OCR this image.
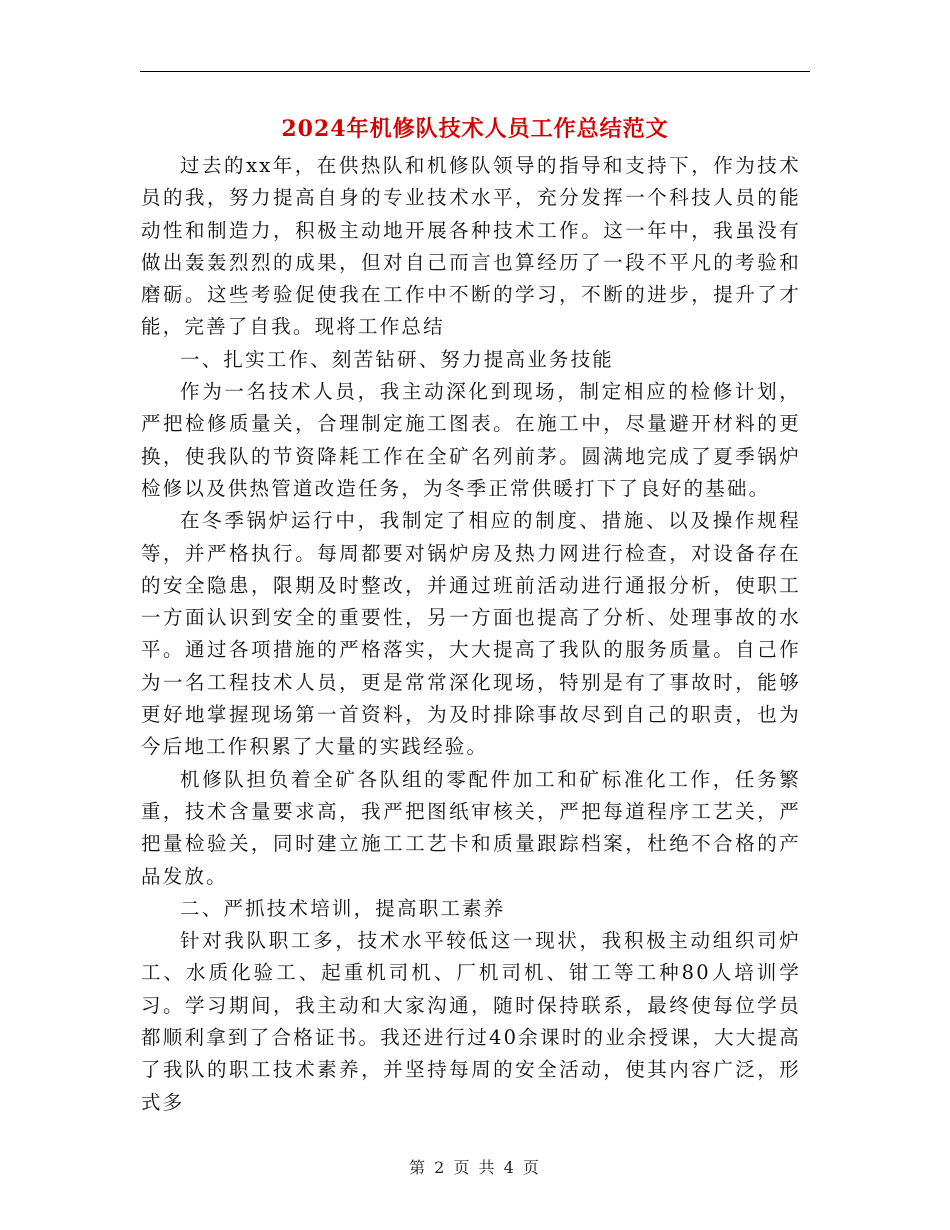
2024年机修队技术人员工作总结范文

过去的xx年，在供热队和机修队领导的指导和支持下，作为技术员的我，努力提高自身的专业技术水平，充分发挥一个科技人员的能动性和制造力，积极主动地开展各种技术工作。这一年中，我虽没有做出轰轰烈烈的成果，但对自己而言也算经历了一段不平凡的考验和磨砺。这些考验促使我在工作中不断的学习，不断的进步，提升了才能，完善了自我。现将工作总结

一、扎实工作、刻苦钻研、努力提高业务技能

作为一名技术人员，我主动深化到现场，制定相应的检修计划，严把检修质量关，合理制定施工图表。在施工中，尽量避开材料的更换，使我队的节资降耗工作在全矿名列前茅。圆满地完成了夏季锅炉检修以及供热管道改造任务，为冬季正常供暖打下了良好的基础。

在冬季锅炉运行中，我制定了相应的制度、措施、以及操作规程等，并严格执行。每周都要对锅炉房及热力网进行检查，对设备存在的安全隐患，限期及时整改，并通过班前活动进行通报分析，使职工一方面认识到安全的重要性，另一方面也提高了分析、处理事故的水平。通过各项措施的严格落实，大大提高了我队的服务质量。自己作为一名工程技术人员，更是常常深化现场，特别是有了事故时，能够更好地掌握现场第一首资料，为及时排除事故尽到自己的职责，也为今后地工作积累了大量的实践经验。

机修队担负着全矿各队组的零配件加工和矿标准化工作，任务繁重，技术含量要求高，我严把图纸审核关，严把每道程序工艺关，严把量检验关，同时建立施工工艺卡和质量跟踪档案，杜绝不合格的产品发放。

二、严抓技术培训，提高职工素养

针对我队职工多，技术水平较低这一现状，我积极主动组织司炉工、水质化验工、起重机司机、厂机司机、钳工等工种80人培训学习。学习期间，我主动和大家沟通，随时保持联系，最终使每位学员都顺利拿到了合格证书。我还进行过40余课时的业余授课，大大提高了我队的职工技术素养，并坚持每周的安全活动，使其内容广泛，形式多

第 2 页 共 4 页
